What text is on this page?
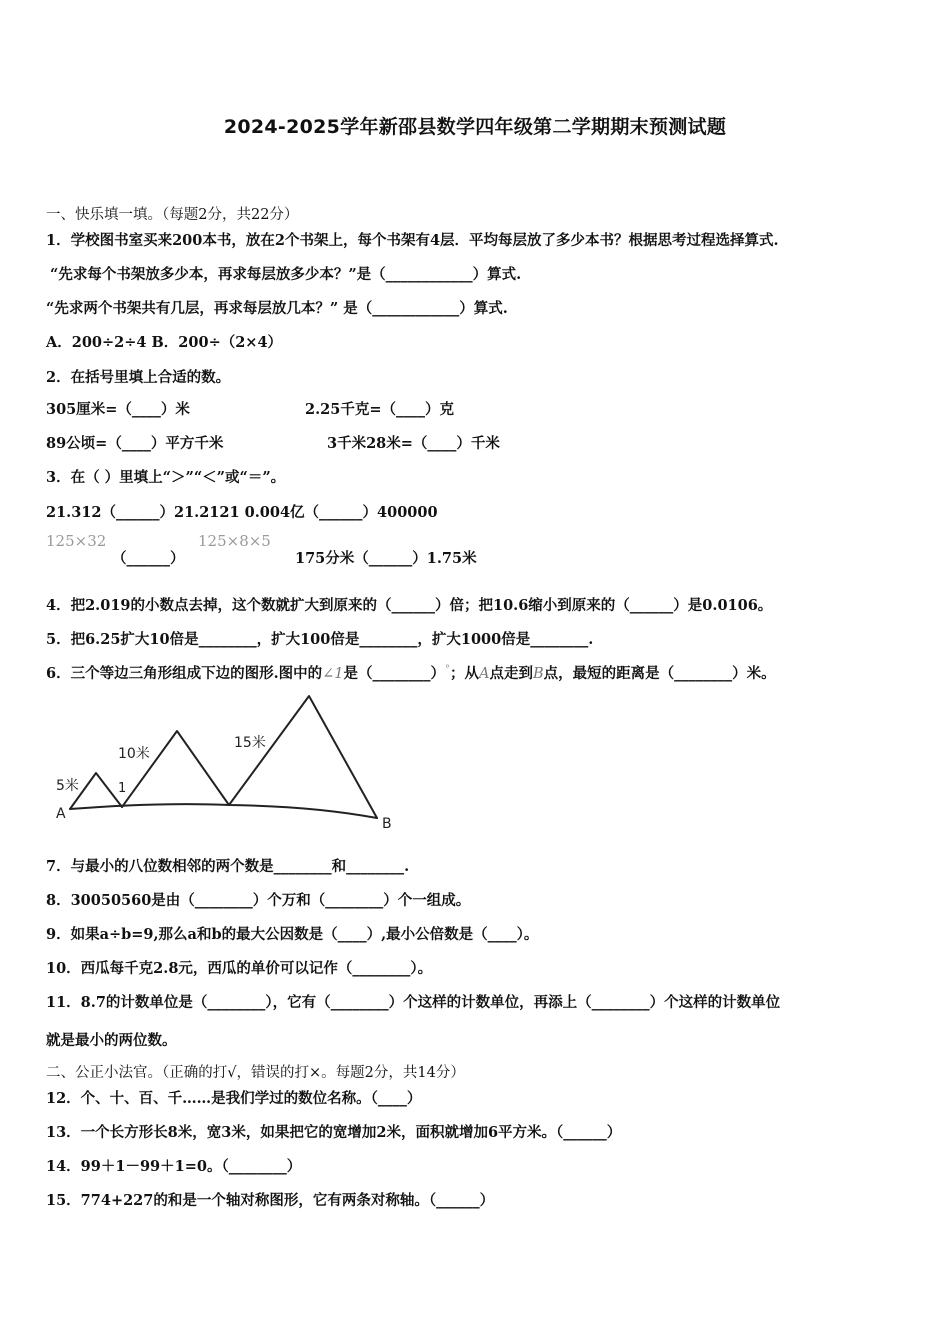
2024-2025学年新邵县数学四年级第二学期期末预测试题
一、快乐填一填。（每题2分，共22分）
1．学校图书室买来200本书，放在2个书架上，每个书架有4层．平均每层放了多少本书？根据思考过程选择算式.
“先求每个书架放多少本，再求每层放多少本？”是（____________）算式.
“先求两个书架共有几层，再求每层放几本？” 是（____________）算式.
A．200÷2÷4 B．200÷（2×4）
2．在括号里填上合适的数。
305厘米=（____）米	2.25千克=（____）克
89公顷=（____）平方千米	3千米28米=（____）千米
3．在（ ）里填上“＞”“＜”或“＝”。
21.312（______）21.2121 0.004亿（______）400000
125×32
（______）
125×8×5
175分米（______）1.75米
4．把2.019的小数点去掉，这个数就扩大到原来的（______）倍；把10.6缩小到原来的（______）是0.0106。
5．把6.25扩大10倍是________，扩大100倍是________，扩大1000倍是________.
6．三个等边三角形组成下边的图形.图中的∠1是（________）°；从A点走到B点，最短的距离是（________）米。
5米
10米
15米
1
A
B
7．与最小的八位数相邻的两个数是________和________.
8．30050560是由（________）个万和（________）个一组成。
9．如果a÷b=9,那么a和b的最大公因数是（____）,最小公倍数是（____）。
10．西瓜每千克2.8元，西瓜的单价可以记作（________）。
11．8.7的计数单位是（________），它有（________）个这样的计数单位，再添上（________）个这样的计数单位
就是最小的两位数。
二、公正小法官。（正确的打√，错误的打×。每题2分，共14分）
12．个、十、百、千……是我们学过的数位名称。（____）
13．一个长方形长8米，宽3米，如果把它的宽增加2米，面积就增加6平方米。（______）
14．99＋1－99＋1=0。（________）
15．774+227的和是一个轴对称图形，它有两条对称轴。（______）
